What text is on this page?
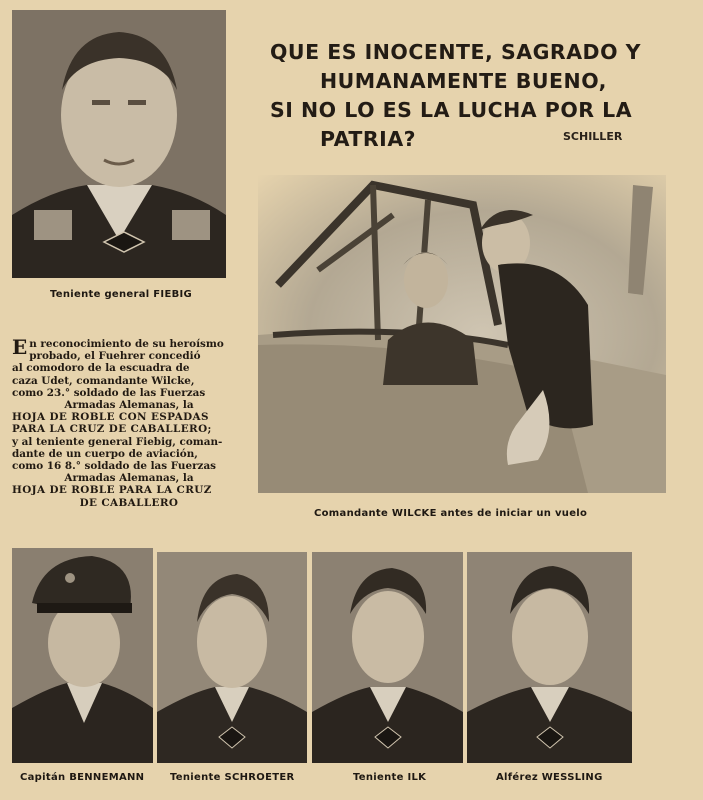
Teniente general FIEBIG
QUE ES INOCENTE, SAGRADO Y
HUMANAMENTE BUENO,
SI NO LO ES LA LUCHA POR LA
PATRIA?	SCHILLER
E n reconocimiento de su heroísmo
probado, el Fuehrer concedió
al comodoro de la escuadra de
caza Udet, comandante Wilcke,
como 23.° soldado de las Fuerzas
Armadas Alemanas, la
HOJA DE ROBLE CON ESPADAS
PARA LA CRUZ DE CABALLERO;
y al teniente general Fiebig, coman-
dante de un cuerpo de aviación,
como 16 8.° soldado de las Fuerzas
Armadas Alemanas, la
HOJA DE ROBLE PARA LA CRUZ
DE CABALLERO
Comandante WILCKE antes de iniciar un vuelo
Capitán BENNEMANN	Teniente SCHROETER	Teniente ILK	Alférez WESSLING
